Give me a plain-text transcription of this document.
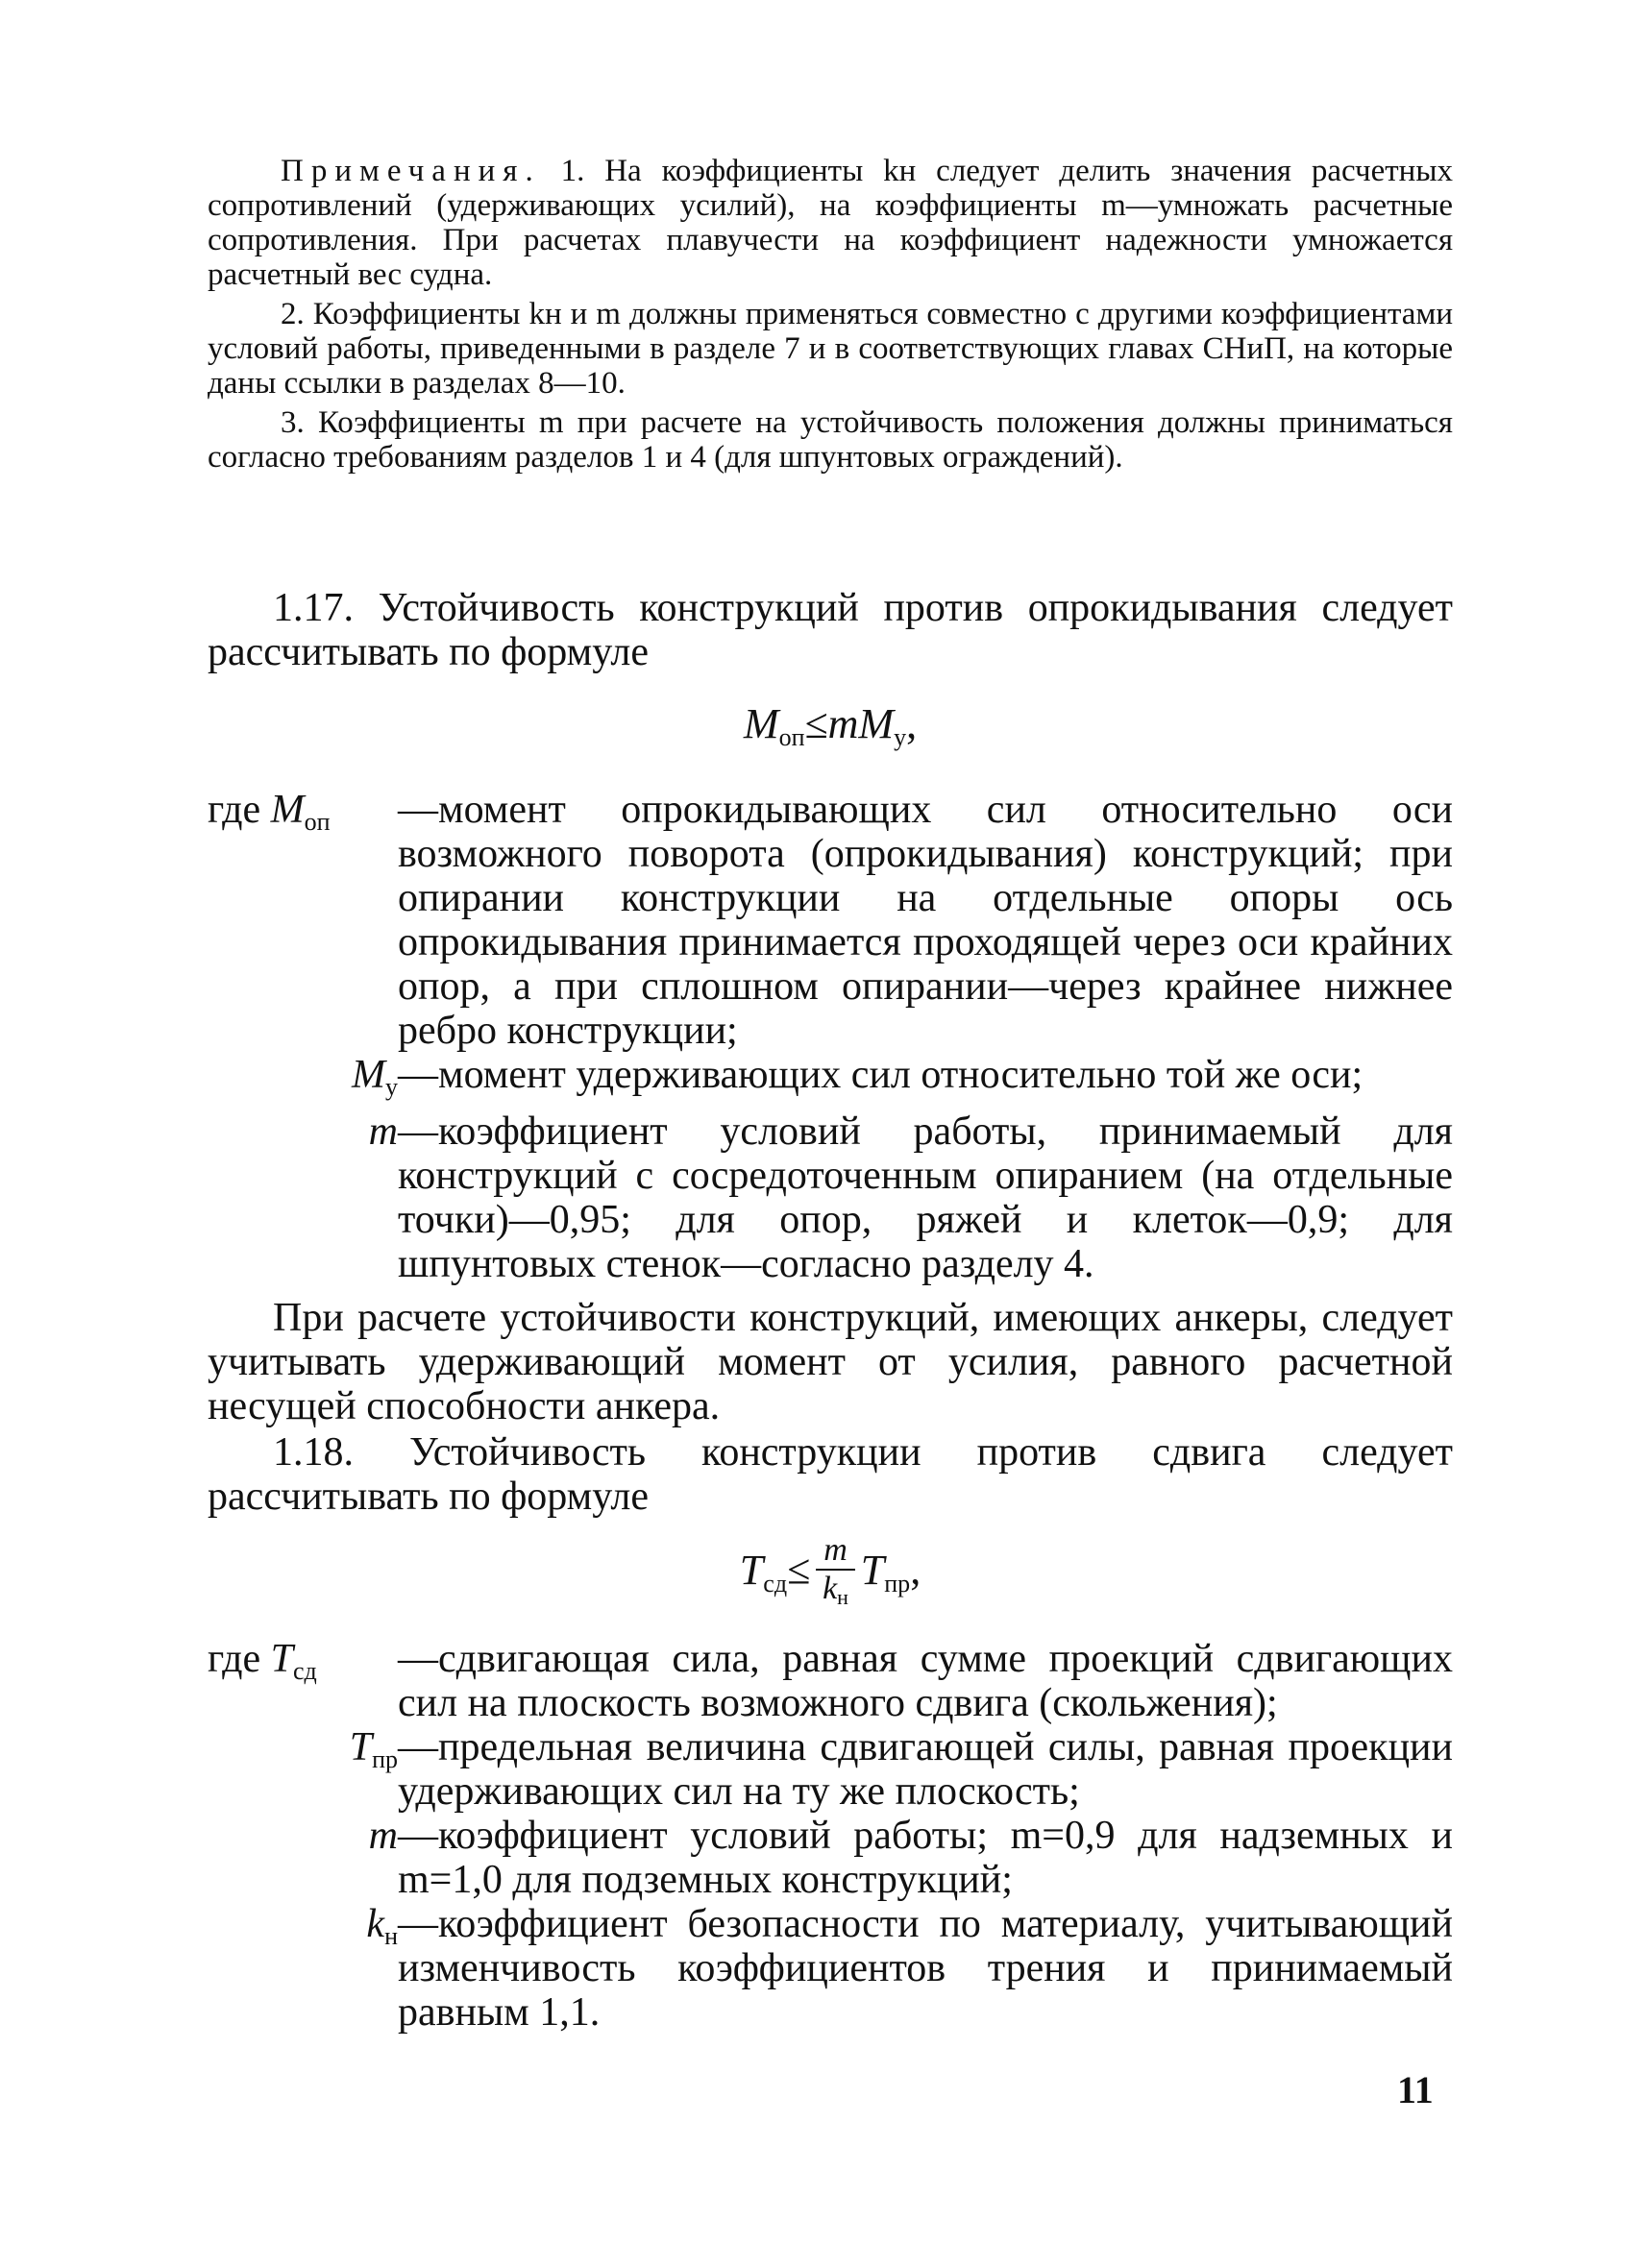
Примечания. 1. На коэффициенты kн следует делить значения расчетных сопротивлений (удерживающих усилий), на коэффициенты m—умножать расчетные сопротивления. При расчетах плавучести на коэффициент надежности умножается расчетный вес судна.

2. Коэффициенты kн и m должны применяться совместно с другими коэффициентами условий работы, приведенными в разделе 7 и в соответствующих главах СНиП, на которые даны ссылки в разделах 8—10.

3. Коэффициенты m при расчете на устойчивость положения должны приниматься согласно требованиям разделов 1 и 4 (для шпунтовых ограждений).

1.17. Устойчивость конструкций против опрокидывания следует рассчитывать по формуле

$M_{оп}\le mM_у$,
где $M_{оп}$	—момент опрокидывающих сил относительно оси возможного поворота (опрокидывания) конструкций; при опирании конструкции на отдельные опоры ось опрокидывания принимается проходящей через оси крайних опор, а при сплошном опирании—через крайнее нижнее ребро конструкции;
$M_у$ —момент удерживающих сил относительно той же оси;
m —коэффициент условий работы, принимаемый для конструкций с сосредоточенным опиранием (на отдельные точки)—0,95; для опор, ряжей и клеток—0,9; для шпунтовых стенок—согласно разделу 4.

При расчете устойчивости конструкций, имеющих анкеры, следует учитывать удерживающий момент от усилия, равного расчетной несущей способности анкера.

1.18. Устойчивость конструкции против сдвига следует рассчитывать по формуле

$T_{сд}\le \frac{m}{k_н} T_{пр}$,
где $T_{сд}$	—сдвигающая сила, равная сумме проекций сдвигающих сил на плоскость возможного сдвига (скольжения);
$T_{пр}$ —предельная величина сдвигающей силы, равная проекции удерживающих сил на ту же плоскость;
m —коэффициент условий работы; m=0,9 для надземных и m=1,0 для подземных конструкций;
$k_н$ —коэффициент безопасности по материалу, учитывающий изменчивость коэффициентов трения и принимаемый равным 1,1.
11
